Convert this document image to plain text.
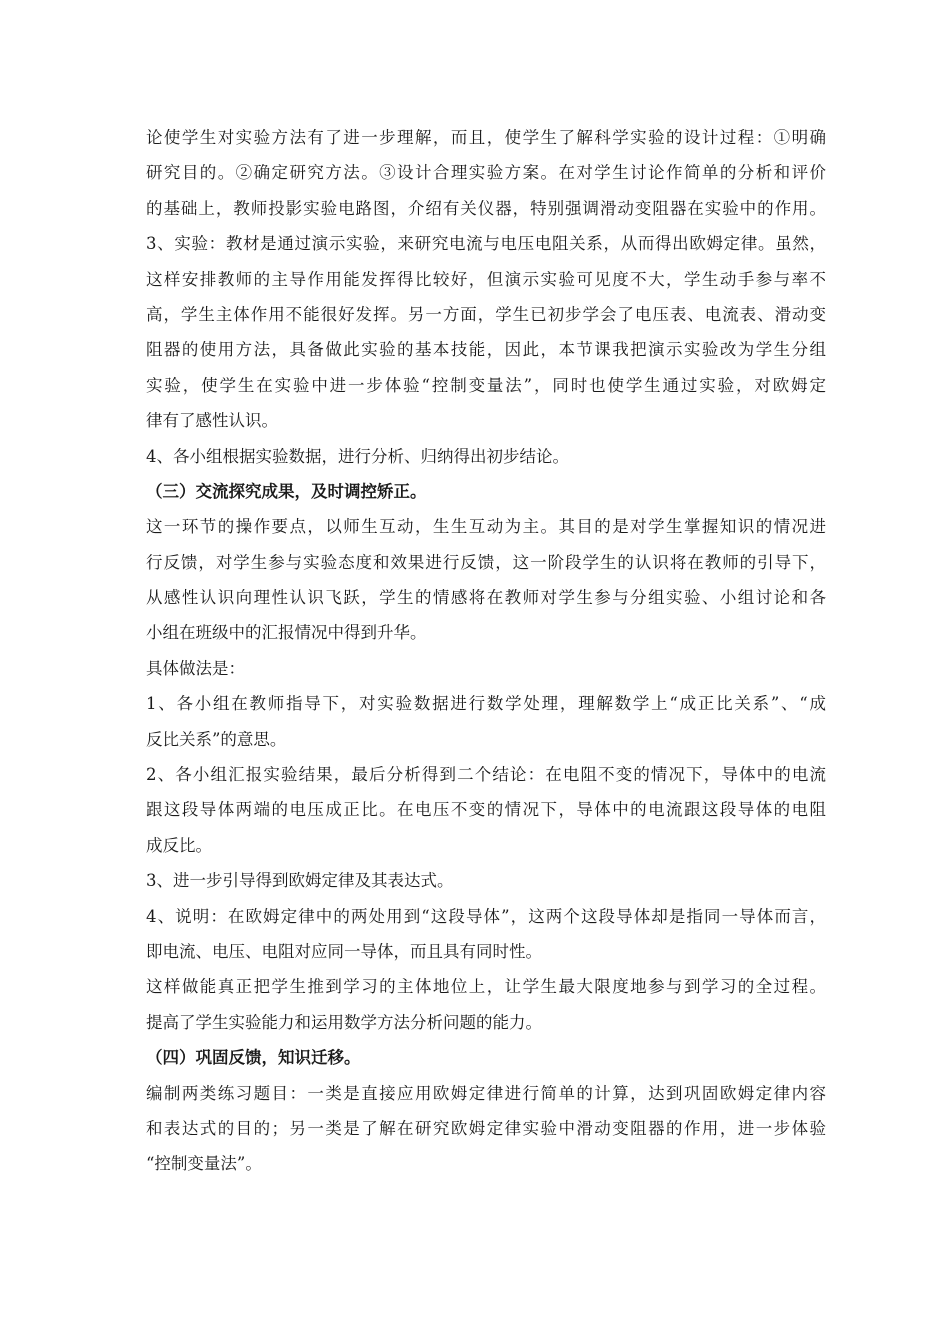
论使学生对实验方法有了进一步理解，而且，使学生了解科学实验的设计过程：①明确
研究目的。②确定研究方法。③设计合理实验方案。在对学生讨论作简单的分析和评价
的基础上，教师投影实验电路图，介绍有关仪器，特别强调滑动变阻器在实验中的作用。
3、实验：教材是通过演示实验，来研究电流与电压电阻关系，从而得出欧姆定律。虽然，
这样安排教师的主导作用能发挥得比较好，但演示实验可见度不大，学生动手参与率不
高，学生主体作用不能很好发挥。另一方面，学生已初步学会了电压表、电流表、滑动变
阻器的使用方法，具备做此实验的基本技能，因此，本节课我把演示实验改为学生分组
实验，使学生在实验中进一步体验“控制变量法”，同时也使学生通过实验，对欧姆定
律有了感性认识。
4、各小组根据实验数据，进行分析、归纳得出初步结论。
（三）交流探究成果，及时调控矫正。
这一环节的操作要点，以师生互动，生生互动为主。其目的是对学生掌握知识的情况进
行反馈，对学生参与实验态度和效果进行反馈，这一阶段学生的认识将在教师的引导下，
从感性认识向理性认识飞跃，学生的情感将在教师对学生参与分组实验、小组讨论和各
小组在班级中的汇报情况中得到升华。
具体做法是：
1、各小组在教师指导下，对实验数据进行数学处理，理解数学上“成正比关系”、“成
反比关系”的意思。
2、各小组汇报实验结果，最后分析得到二个结论：在电阻不变的情况下，导体中的电流
跟这段导体两端的电压成正比。在电压不变的情况下，导体中的电流跟这段导体的电阻
成反比。
3、进一步引导得到欧姆定律及其表达式。
4、说明：在欧姆定律中的两处用到“这段导体”，这两个这段导体却是指同一导体而言，
即电流、电压、电阻对应同一导体，而且具有同时性。
这样做能真正把学生推到学习的主体地位上，让学生最大限度地参与到学习的全过程。
提高了学生实验能力和运用数学方法分析问题的能力。
（四）巩固反馈，知识迁移。
编制两类练习题目：一类是直接应用欧姆定律进行简单的计算，达到巩固欧姆定律内容
和表达式的目的；另一类是了解在研究欧姆定律实验中滑动变阻器的作用，进一步体验
“控制变量法”。
